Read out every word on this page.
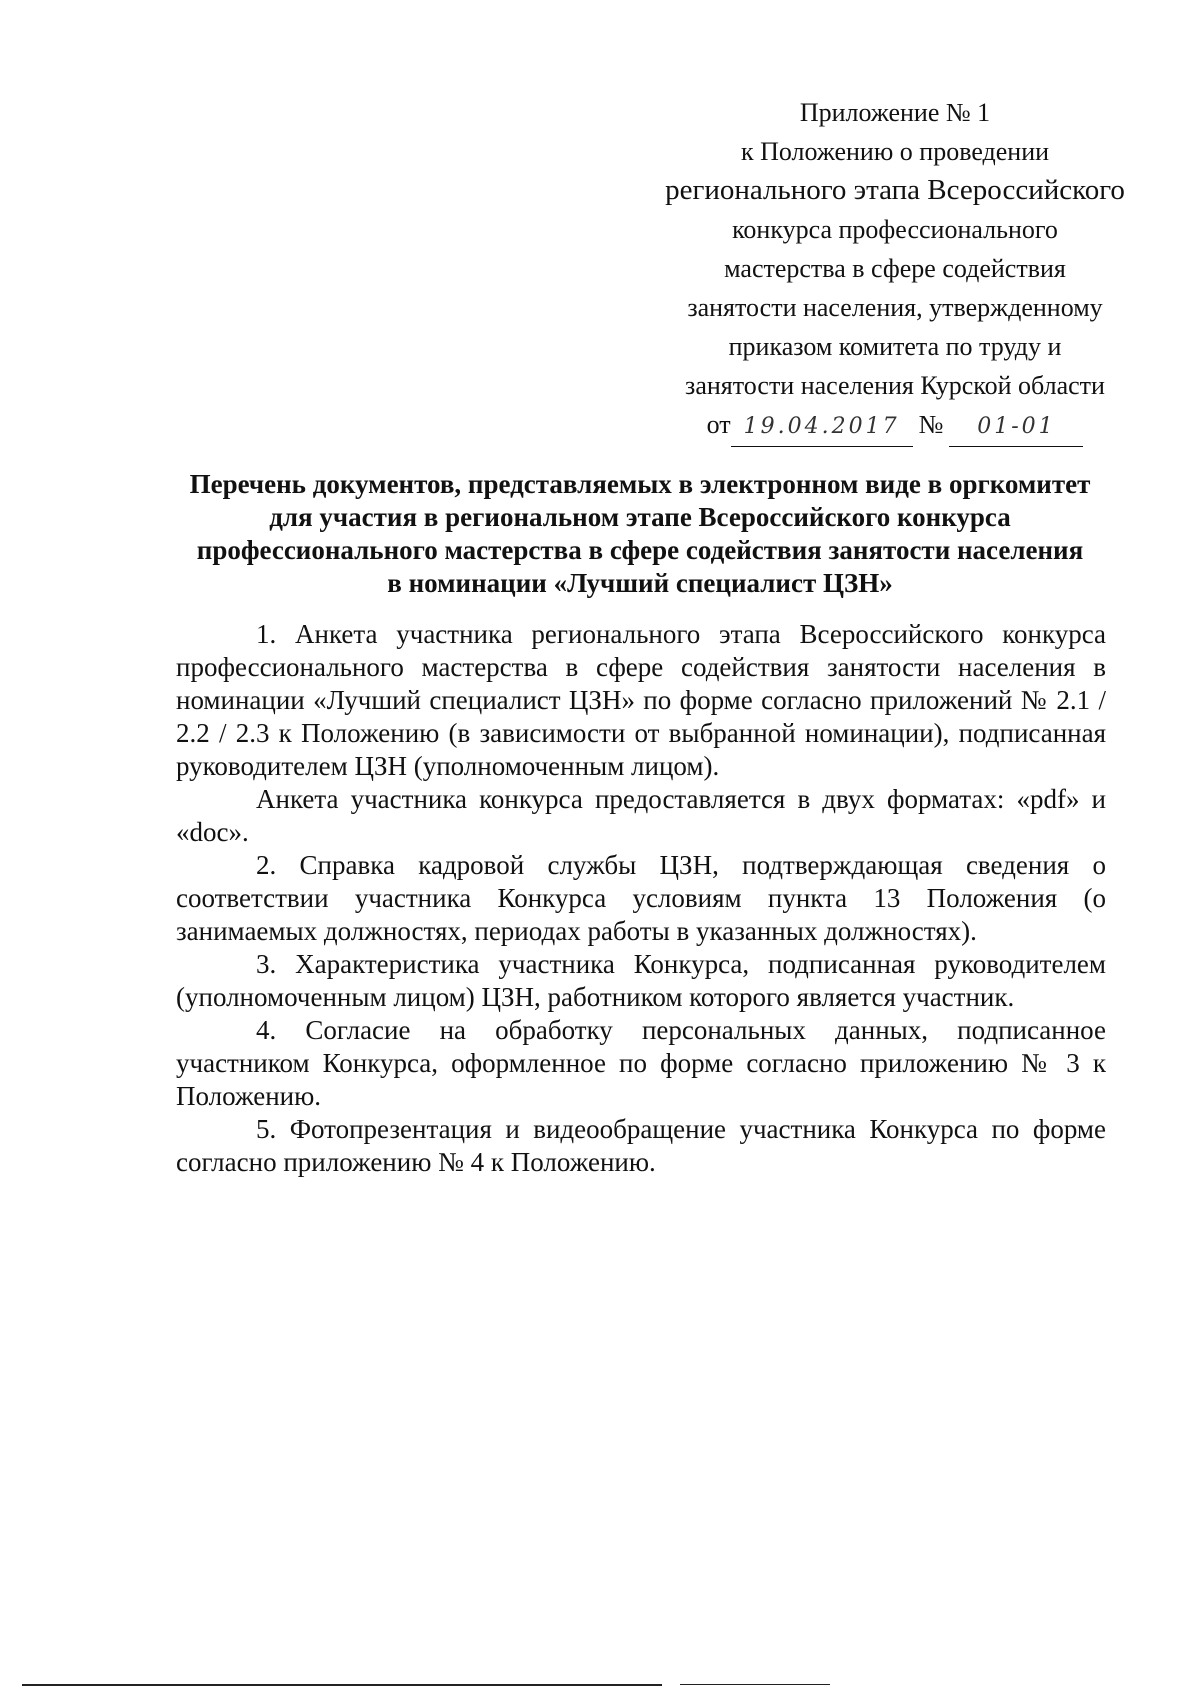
Приложение № 1
к Положению о проведении
регионального этапа Всероссийского
конкурса профессионального
мастерства в сфере содействия
занятости населения, утвержденному
приказом комитета по труду и
занятости населения Курской области
от 19.04.2017 № 01-01
Перечень документов, представляемых в электронном виде в оргкомитет
для участия в региональном этапе Всероссийского конкурса
профессионального мастерства в сфере содействия занятости населения
в номинации «Лучший специалист ЦЗН»

1. Анкета участника регионального этапа Всероссийского конкурса профессионального мастерства в сфере содействия занятости населения в номинации «Лучший специалист ЦЗН» по форме согласно приложений № 2.1 / 2.2 / 2.3 к Положению (в зависимости от выбранной номинации), подписанная руководителем ЦЗН (уполномоченным лицом).

Анкета участника конкурса предоставляется в двух форматах: «pdf» и «doc».

2. Справка кадровой службы ЦЗН, подтверждающая сведения о соответствии участника Конкурса условиям пункта 13 Положения (о занимаемых должностях, периодах работы в указанных должностях).

3. Характеристика участника Конкурса, подписанная руководителем (уполномоченным лицом) ЦЗН, работником которого является участник.

4. Согласие на обработку персональных данных, подписанное участником Конкурса, оформленное по форме согласно приложению № 3 к Положению.

5. Фотопрезентация и видеообращение участника Конкурса по форме согласно приложению № 4 к Положению.
